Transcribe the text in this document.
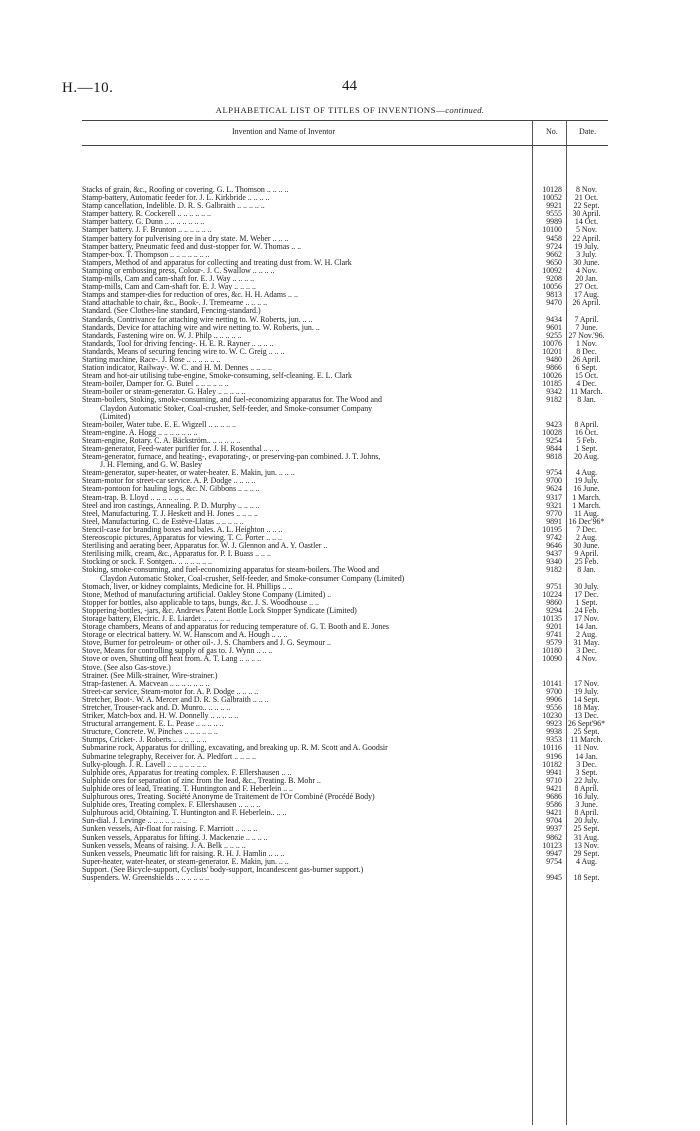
H.—10.	44
ALPHABETICAL LIST OF TITLES OF INVENTIONS—continued.
Invention and Name of Inventor	No.	Date.
Stacks of grain, &c., Roofing or covering. G. L. Thomson .. .. .. ..	10128	8 Nov.
Stamp-battery, Automatic feeder for. J. L. Kirkbride .. .. .. ..	10052	21 Oct.
Stamp cancellation, Indelible. D. R. S. Galbraith .. .. .. .. ..	9921	22 Sept.
Stamper battery. R. Cockerell .. .. .. .. .. ..	9555	30 April.
Stamper battery. G. Dunn .. .. .. .. .. .. ..	9989	14 Oct.
Stamper battery. J. F. Brunton .. .. .. .. .. ..	10100	5 Nov.
Stamper battery for pulverising ore in a dry state. M. Weber .. .. ..	9458	22 April.
Stamper battery, Pneumatic feed and dust-stopper for. W. Thomas .. ..	9724	19 July.
Stamper-box. T. Thompson .. .. .. .. .. .. ..	9662	3 July.
Stampers, Method of and apparatus for collecting and treating dust from. W. H. Clark	9650	30 June.
Stamping or embossing press, Colour-. J. C. Swallow .. .. .. ..	10092	4 Nov.
Stamp-mills, Cam and cam-shaft for. E. J. Way .. .. .. ..	9208	20 Jan.
Stamp-mills, Cam and Cam-shaft for. E. J. Way .. .. .. ..	10056	27 Oct.
Stamps and stamper-dies for reduction of ores, &c. H. H. Adams .. ..	9813	17 Aug.
Stand attachable to chair, &c., Book-. J. Tremearne .. .. .. ..	9470	26 April.
Standard. (See Clothes-line standard, Fencing-standard.)
Standards, Contrivance for attaching wire netting to. W. Roberts, jun. .. ..	9434	7 April.
Standards, Device for attaching wire and wire netting to. W. Roberts, jun. ..	9601	7 June.
Standards, Fastening wire on. W. J. Philp .. .. .. .. ..	9255 27 Nov.'96.
Standards, Tool for driving fencing-. H. E. R. Rayner .. .. .. ..	10076	1 Nov.
Standards, Means of securing fencing wire to. W. C. Greig .. .. ..	10201	8 Dec.
Starting machine, Race-. J. Rose .. .. .. .. .. ..	9480	26 April.
Station indicator, Railway-. W. C. and H. M. Dennes .. .. .. ..	9866	6 Sept.
Steam and hot-air utilising tube-engine, Smoke-consuming, self-cleaning. E. L. Clark	10026	15 Oct.
Steam-boiler, Damper for. G. Butel .. .. .. .. .. ..	10185	4 Dec.
Steam-boiler or steam-generator. G. Haley .. .. .. .. ..	9342	11 March.
Steam-boilers, Stoking, smoke-consuming, and fuel-economizing apparatus for. The Wood and
Claydon Automatic Stoker, Coal-crusher, Self-feeder, and Smoke-consumer Company
(Limited)
9182	8 Jan.
Steam-boiler, Water tube. E. E. Wigzell .. .. .. .. ..	9423	8 April.
Steam-engine. A. Hogg .. .. .. .. .. .. ..	10028	16 Oct.
Steam-engine, Rotary. C. A. Bäckström.. .. .. .. .. ..	9254	5 Feb.
Steam-generator, Feed-water purifier for. J. H. Rosenthal .. .. ..	9844	1 Sept.
Steam-generator, furnace, and heating-, evaporating-, or preserving-pan combined. J. T. Johns,
J. H. Fleming, and G. W. Basley
9818	20 Aug.
Steam-generator, super-heater, or water-heater. E. Makin, jun. .. .. ..	9754	4 Aug.
Steam-motor for street-car service. A. P. Dodge .. .. .. ..	9700	19 July.
Steam-pontoon for hauling logs, &c. N. Gibbons .. .. .. ..	9624	16 June.
Steam-trap. B. Lloyd .. .. .. .. .. .. ..	9317	1 March.
Steel and iron castings, Annealing. P. D. Murphy .. .. .. ..	9321	1 March.
Steel, Manufacturing. T. J. Heskett and H. Jones .. .. .. ..	9770	11 Aug.
Steel, Manufacturing. C. de Estève-Llatas .. .. .. .. ..	9891 16 Dec'96*
Stencil-case for branding boxes and bales. A. L. Heighton .. .. ..	10195	7 Dec.
Stereoscopic pictures, Apparatus for viewing. T. C. Porter .. .. ..	9742	2 Aug.
Sterilising and aerating beer, Apparatus for. W. J. Glennon and A. Y. Oastler ..	9646	30 June.
Sterilising milk, cream, &c., Apparatus for. P. I. Buass .. .. ..	9437	9 April.
Stocking or sock. F. Sontgen.. .. .. .. .. .. ..	9340	25 Feb.
Stoking, smoke-consuming, and fuel-economizing apparatus for steam-boilers. The Wood and
Claydon Automatic Stoker, Coal-crusher, Self-feeder, and Smoke-consumer Company (Limited)
9182	8 Jan.
Stomach, liver, or kidney complaints, Medicine for. H. Phillips .. ..	9751	30 July.
Stone, Method of manufacturing artificial. Oakley Stone Company (Limited) ..	10224	17 Dec.
Stopper for bottles, also applicable to taps, bungs, &c. J. S. Woodhouse .. ..	9860	1 Sept.
Stoppering-bottles, -jars, &c. Andrews Patent Bottle Lock Stopper Syndicate (Limited)	9294	24 Feb.
Storage battery, Electric. J. E. Liardet .. .. .. .. ..	10135	17 Nov.
Storage chambers, Means of and apparatus for reducing temperature of. G. T. Booth and E. Jones	9201	14 Jan.
Storage or electrical battery. W. W. Hanscom and A. Hough .. .. ..	9741	2 Aug.
Stove, Burner for petroleum- or other oil-. J. S. Chambers and J. G. Seymour ..	9579	31 May.
Stove, Means for controlling supply of gas to. J. Wynn .. .. ..	10180	3 Dec.
Stove or oven, Shutting off heat from. A. T. Lang .. .. .. ..	10090	4 Nov.
Stove. (See also Gas-stove.)
Strainer. (See Milk-strainer, Wire-strainer.)
Strap-fastener. A. Macvean .. .. .. .. .. .. ..	10141	17 Nov.
Street-car service, Steam-motor for. A. P. Dodge .. .. .. ..	9700	19 July.
Stretcher, Boot-. W. A. Mercer and D. R. S. Galbraith .. .. ..	9906	14 Sept.
Stretcher, Trouser-rack and. D. Munro.. .. .. .. ..	9556	18 May.
Striker, Match-box and. H. W. Donnelly .. .. .. .. ..	10230	13 Dec.
Structural arrangement. E. L. Pease .. .. .. .. ..	9923 26 Sept'96*
Structure, Concrete. W. Pinches .. .. .. .. .. ..	9938	25 Sept.
Stumps, Cricket-. J. Roberts .. .. .. .. .. ..	9353	11 March.
Submarine rock, Apparatus for drilling, excavating, and breaking up. R. M. Scott and A. Goodsir	10116	11 Nov.
Submarine telegraphy, Receiver for. A. Pledfort .. .. .. ..	9196	14 Jan.
Sulky-plough. J. R. Lavell .. .. .. .. .. .. ..	10182	3 Dec.
Sulphide ores, Apparatus for treating complex. F. Ellershausen .. ..	9941	3 Sept.
Sulphide ores for separation of zinc from the lead, &c., Treating. B. Mohr ..	9710	22 July.
Sulphide ores of lead, Treating. T. Huntington and F. Heberlein .. ..	9421	8 April.
Sulphurous ores, Treating. Société Anonyme de Traitement de l'Or Combiné (Procédé Body)	9686	16 July.
Sulphide ores, Treating complex. F. Ellershausen .. .. .. ..	9586	3 June.
Sulphurous acid, Obtaining. T. Huntington and F. Heberlein.. .. ..	9421	8 April.
Sun-dial. J. Levinge .. .. .. .. .. .. ..	9704	20 July.
Sunken vessels, Air-float for raising. F. Marriott .. .. .. ..	9937	25 Sept.
Sunken vessels, Apparatus for lifting. J. Mackenzie .. .. .. ..	9862	31 Aug.
Sunken vessels, Means of raising. J. A. Belk .. .. .. ..	10123	13 Nov.
Sunken vessels, Pneumatic lift for raising. R. H. J. Hamlin .. .. ..	9947	29 Sept.
Super-heater, water-heater, or steam-generator. E. Makin, jun. .. ..	9754	4 Aug.
Support. (See Bicycle-support, Cyclists' body-support, Incandescent gas-burner support.)
Suspenders. W. Greenshields .. .. .. .. .. ..	9945	18 Sept.
